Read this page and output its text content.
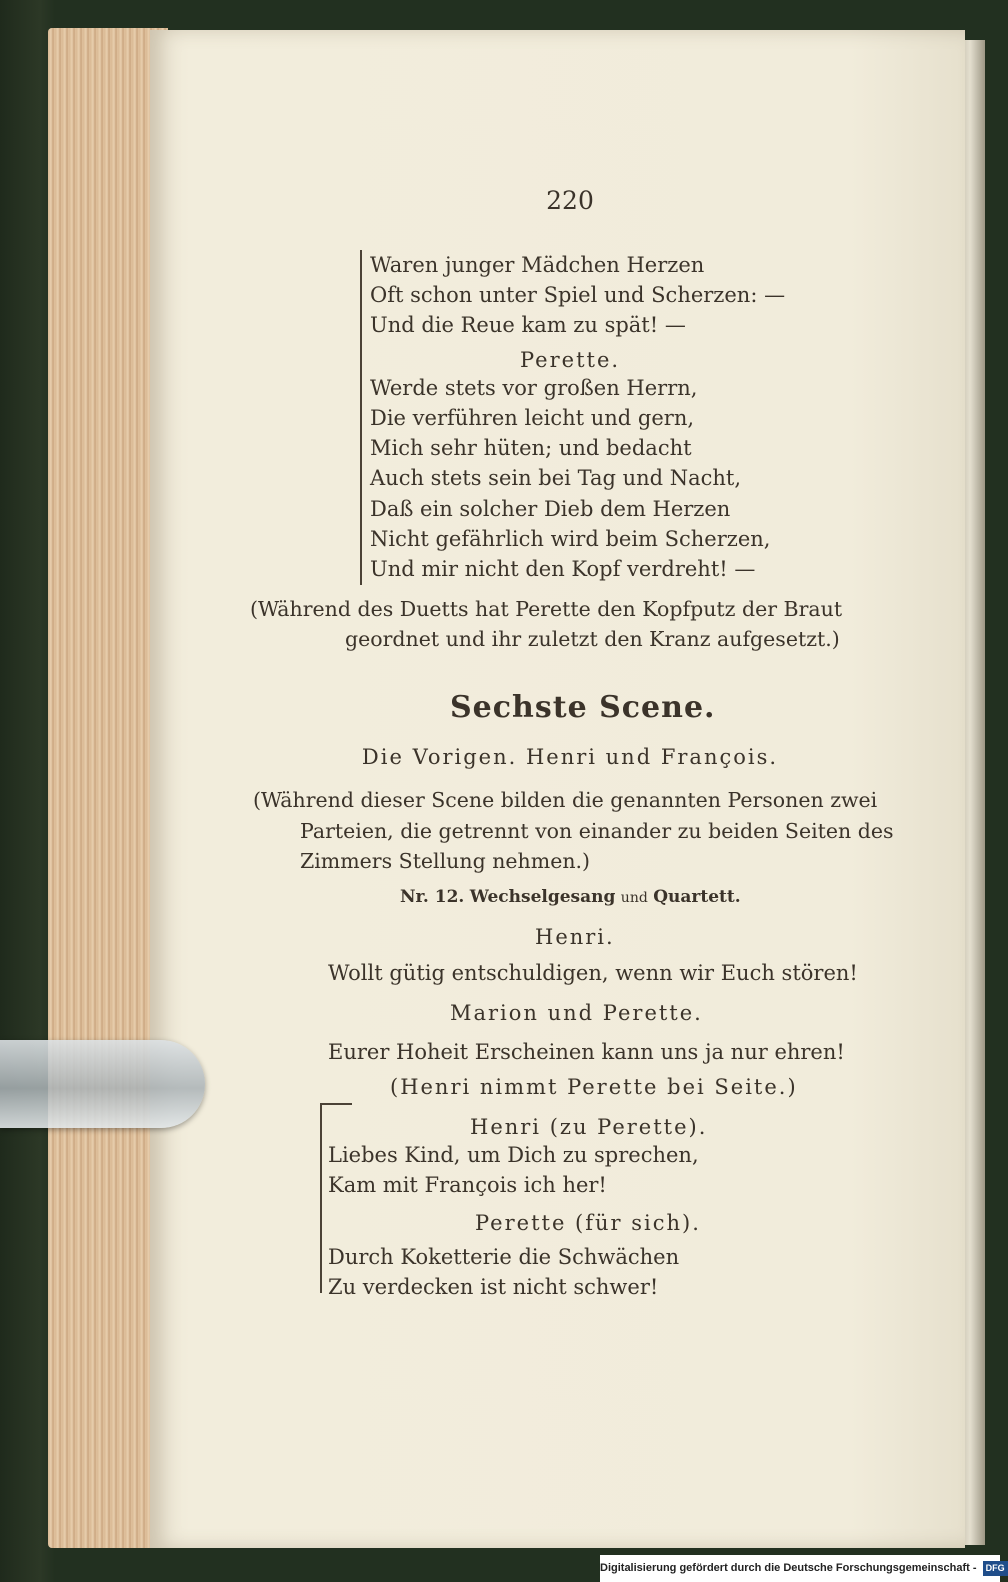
220
Waren junger Mädchen Herzen
Oft schon unter Spiel und Scherzen: —
Und die Reue kam zu spät! —
Perette.
Werde stets vor großen Herrn,
Die verführen leicht und gern,
Mich sehr hüten; und bedacht
Auch stets sein bei Tag und Nacht,
Daß ein solcher Dieb dem Herzen
Nicht gefährlich wird beim Scherzen,
Und mir nicht den Kopf verdreht! —
(Während des Duetts hat Perette den Kopfputz der Braut
geordnet und ihr zuletzt den Kranz aufgesetzt.)
Sechste Scene.
Die Vorigen. Henri und François.
(Während dieser Scene bilden die genannten Personen zwei
Parteien, die getrennt von einander zu beiden Seiten des
Zimmers Stellung nehmen.)
Nr. 12. Wechselgesang und Quartett.
Henri.
Wollt gütig entschuldigen, wenn wir Euch stören!
Marion und Perette.
Eurer Hoheit Erscheinen kann uns ja nur ehren!
(Henri nimmt Perette bei Seite.)
Henri (zu Perette).
Liebes Kind, um Dich zu sprechen,
Kam mit François ich her!
Perette (für sich).
Durch Koketterie die Schwächen
Zu verdecken ist nicht schwer!
Digitalisierung gefördert durch die Deutsche Forschungsgemeinschaft - DFG
